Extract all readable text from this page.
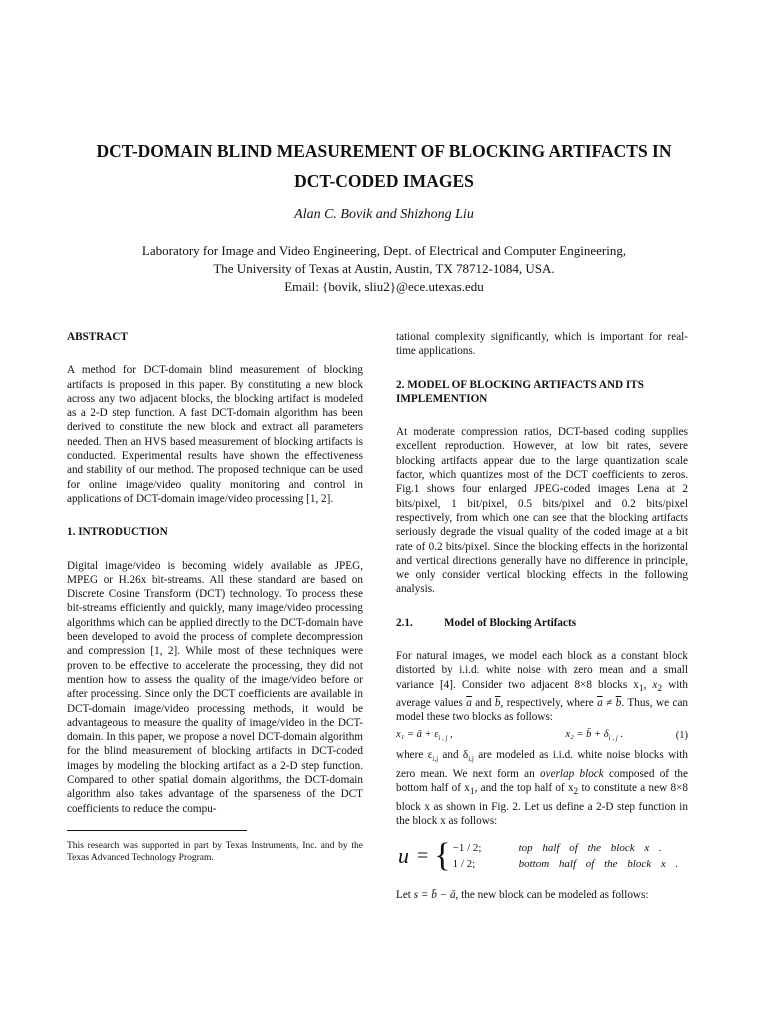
DCT-DOMAIN BLIND MEASUREMENT OF BLOCKING ARTIFACTS IN
DCT-CODED IMAGES
Alan C. Bovik and Shizhong Liu
Laboratory for Image and Video Engineering, Dept. of Electrical and Computer Engineering,
The University of Texas at Austin, Austin, TX 78712-1084, USA.
Email: {bovik, sliu2}@ece.utexas.edu

ABSTRACT

A method for DCT-domain blind measurement of blocking artifacts is proposed in this paper. By constituting a new block across any two adjacent blocks, the blocking artifact is modeled as a 2-D step function. A fast DCT-domain algorithm has been derived to constitute the new block and extract all parameters needed. Then an HVS based measurement of blocking artifacts is conducted. Experimental results have shown the effectiveness and stability of our method. The proposed technique can be used for online image/video quality monitoring and control in applications of DCT-domain image/video processing [1, 2].

1. INTRODUCTION

Digital image/video is becoming widely available as JPEG, MPEG or H.26x bit-streams. All these standard are based on Discrete Cosine Transform (DCT) technology. To process these bit-streams efficiently and quickly, many image/video processing algorithms which can be applied directly to the DCT-domain have been developed to avoid the process of complete decompression and compression [1, 2]. While most of these techniques were proven to be effective to accelerate the processing, they did not mention how to assess the quality of the image/video before or after processing. Since only the DCT coefficients are available in DCT-domain image/video processing methods, it would be advantageous to measure the quality of image/video in the DCT-domain. In this paper, we propose a novel DCT-domain algorithm for the blind measurement of blocking artifacts in DCT-coded images by modeling the blocking artifact as a 2-D step function. Compared to other spatial domain algorithms, the DCT-domain algorithm also takes advantage of the sparseness of the DCT coefficients to reduce the compu-

This research was supported in part by Texas Instruments, Inc. and by the Texas Advanced Technology Program.

tational complexity significantly, which is important for real-time applications.

2. MODEL OF BLOCKING ARTIFACTS AND ITS
IMPLEMENTION

At moderate compression ratios, DCT-based coding supplies excellent reproduction. However, at low bit rates, severe blocking artifacts appear due to the large quantization scale factor, which quantizes most of the DCT coefficients to zeros. Fig.1 shows four enlarged JPEG-coded images Lena at 2 bits/pixel, 1 bit/pixel, 0.5 bits/pixel and 0.2 bits/pixel respectively, from which one can see that the blocking artifacts seriously degrade the visual quality of the coded image at a bit rate of 0.2 bits/pixel. Since the blocking effects in the horizontal and vertical directions generally have no difference in principle, we only consider vertical blocking effects in the following analysis.

2.1.	Model of Blocking Artifacts

For natural images, we model each block as a constant block distorted by i.i.d. white noise with zero mean and a small variance [4]. Consider two adjacent 8×8 blocks $x_1$, $x_2$ with average values $\overline{a}$ and $\overline{b}$, respectively, where $\overline{a} \ne \overline{b}$. Thus, we can model these two blocks as follows:

x₁ = ā + $\varepsilon_{i , j}$ ,	x₂ = b̄ + $\delta_{i , j}$ .	(1)

where $\varepsilon_{i,j}$ and $\delta_{i,j}$ are modeled as i.i.d. white noise blocks with zero mean. We next form an overlap block composed of the bottom half of $x_1$, and the top half of $x_2$ to constitute a new 8×8 block x as shown in Fig. 2. Let us define a 2-D step function in the block x as follows:

u = { −1 / 2;	top half of the block x .
1 / 2;	bottom half of the block x .

Let s = b̄ − ā, the new block can be modeled as follows:
